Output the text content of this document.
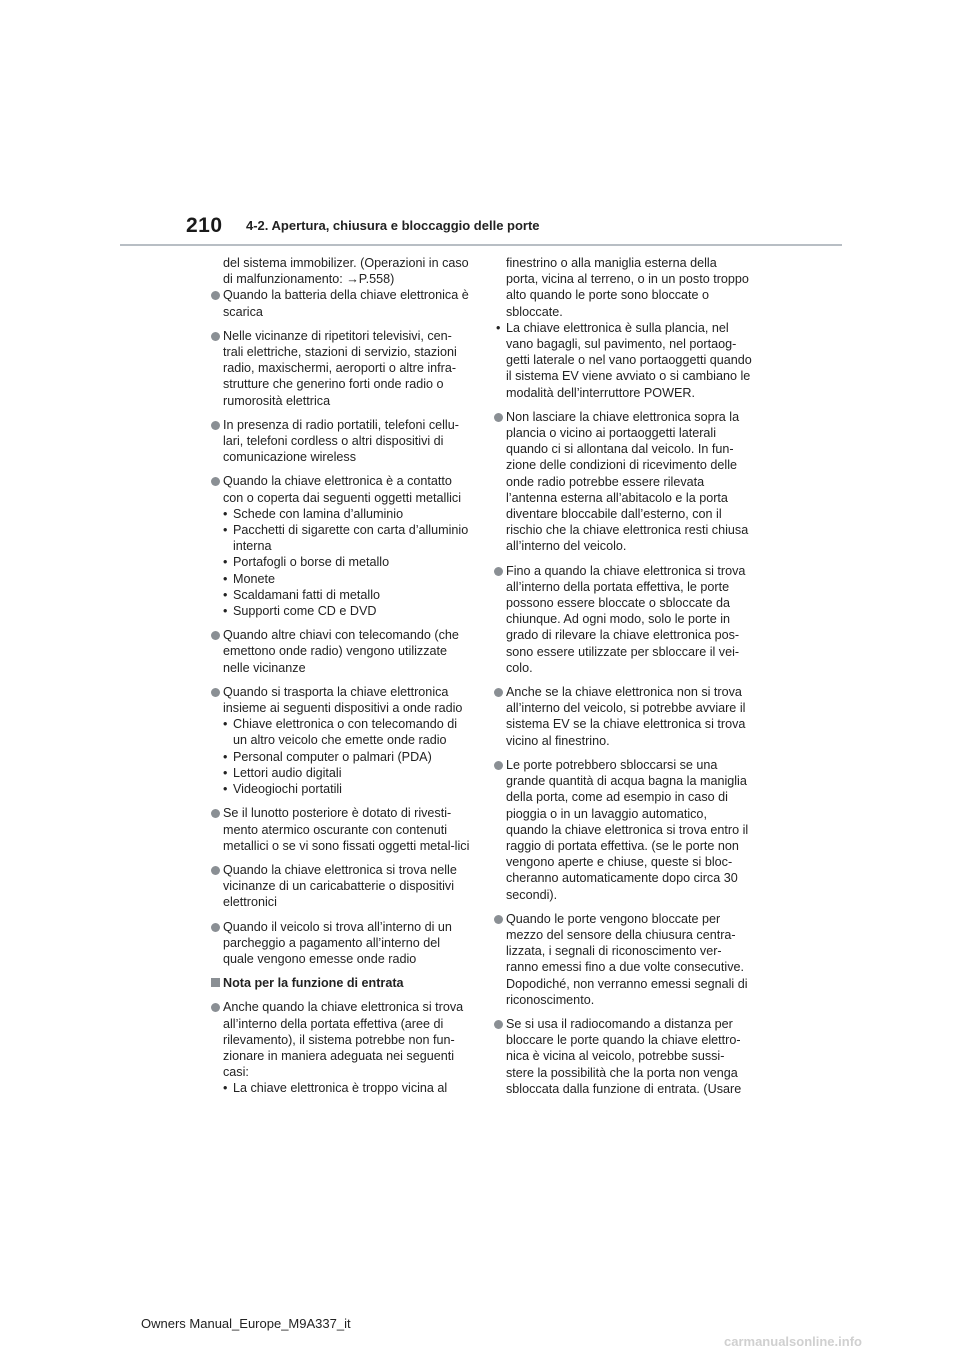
210 4-2. Apertura, chiusura e bloccaggio delle porte

del sistema immobilizer. (Operazioni in caso di malfunzionamento: →P.558)

Quando la batteria della chiave elettronica è scarica

Nelle vicinanze di ripetitori televisivi, cen-trali elettriche, stazioni di servizio, stazioni radio, maxischermi, aeroporti o altre infra-strutture che generino forti onde radio o rumorosità elettrica

In presenza di radio portatili, telefoni cellu-lari, telefoni cordless o altri dispositivi di comunicazione wireless

Quando la chiave elettronica è a contatto con o coperta dai seguenti oggetti metallici

• Schede con lamina d’alluminio
• Pacchetti di sigarette con carta d’alluminio interna
• Portafogli o borse di metallo
• Monete
• Scaldamani fatti di metallo
• Supporti come CD e DVD

Quando altre chiavi con telecomando (che emettono onde radio) vengono utilizzate nelle vicinanze

Quando si trasporta la chiave elettronica insieme ai seguenti dispositivi a onde radio

• Chiave elettronica o con telecomando di un altro veicolo che emette onde radio
• Personal computer o palmari (PDA)
• Lettori audio digitali
• Videogiochi portatili

Se il lunotto posteriore è dotato di rivesti-mento atermico oscurante con contenuti metallici o se vi sono fissati oggetti metal-lici

Quando la chiave elettronica si trova nelle vicinanze di un caricabatterie o dispositivi elettronici

Quando il veicolo si trova all’interno di un parcheggio a pagamento all’interno del quale vengono emesse onde radio

Nota per la funzione di entrata

Anche quando la chiave elettronica si trova all’interno della portata effettiva (aree di rilevamento), il sistema potrebbe non fun-zionare in maniera adeguata nei seguenti casi:

• La chiave elettronica è troppo vicina al

finestrino o alla maniglia esterna della porta, vicina al terreno, o in un posto troppo alto quando le porte sono bloccate o sbloccate.

• La chiave elettronica è sulla plancia, nel vano bagagli, sul pavimento, nel portaog-getti laterale o nel vano portaoggetti quando il sistema EV viene avviato o si cambiano le modalità dell’interruttore POWER.

Non lasciare la chiave elettronica sopra la plancia o vicino ai portaoggetti laterali quando ci si allontana dal veicolo. In fun-zione delle condizioni di ricevimento delle onde radio potrebbe essere rilevata l’antenna esterna all’abitacolo e la porta diventare bloccabile dall’esterno, con il rischio che la chiave elettronica resti chiusa all’interno del veicolo.

Fino a quando la chiave elettronica si trova all’interno della portata effettiva, le porte possono essere bloccate o sbloccate da chiunque. Ad ogni modo, solo le porte in grado di rilevare la chiave elettronica pos-sono essere utilizzate per sbloccare il vei-colo.

Anche se la chiave elettronica non si trova all’interno del veicolo, si potrebbe avviare il sistema EV se la chiave elettronica si trova vicino al finestrino.

Le porte potrebbero sbloccarsi se una grande quantità di acqua bagna la maniglia della porta, come ad esempio in caso di pioggia o in un lavaggio automatico, quando la chiave elettronica si trova entro il raggio di portata effettiva. (se le porte non vengono aperte e chiuse, queste si bloc-cheranno automaticamente dopo circa 30 secondi).

Quando le porte vengono bloccate per mezzo del sensore della chiusura centra-lizzata, i segnali di riconoscimento ver-ranno emessi fino a due volte consecutive. Dopodiché, non verranno emessi segnali di riconoscimento.

Se si usa il radiocomando a distanza per bloccare le porte quando la chiave elettro-nica è vicina al veicolo, potrebbe sussi-stere la possibilità che la porta non venga sbloccata dalla funzione di entrata. (Usare

Owners Manual_Europe_M9A337_it
carmanualsonline.info
